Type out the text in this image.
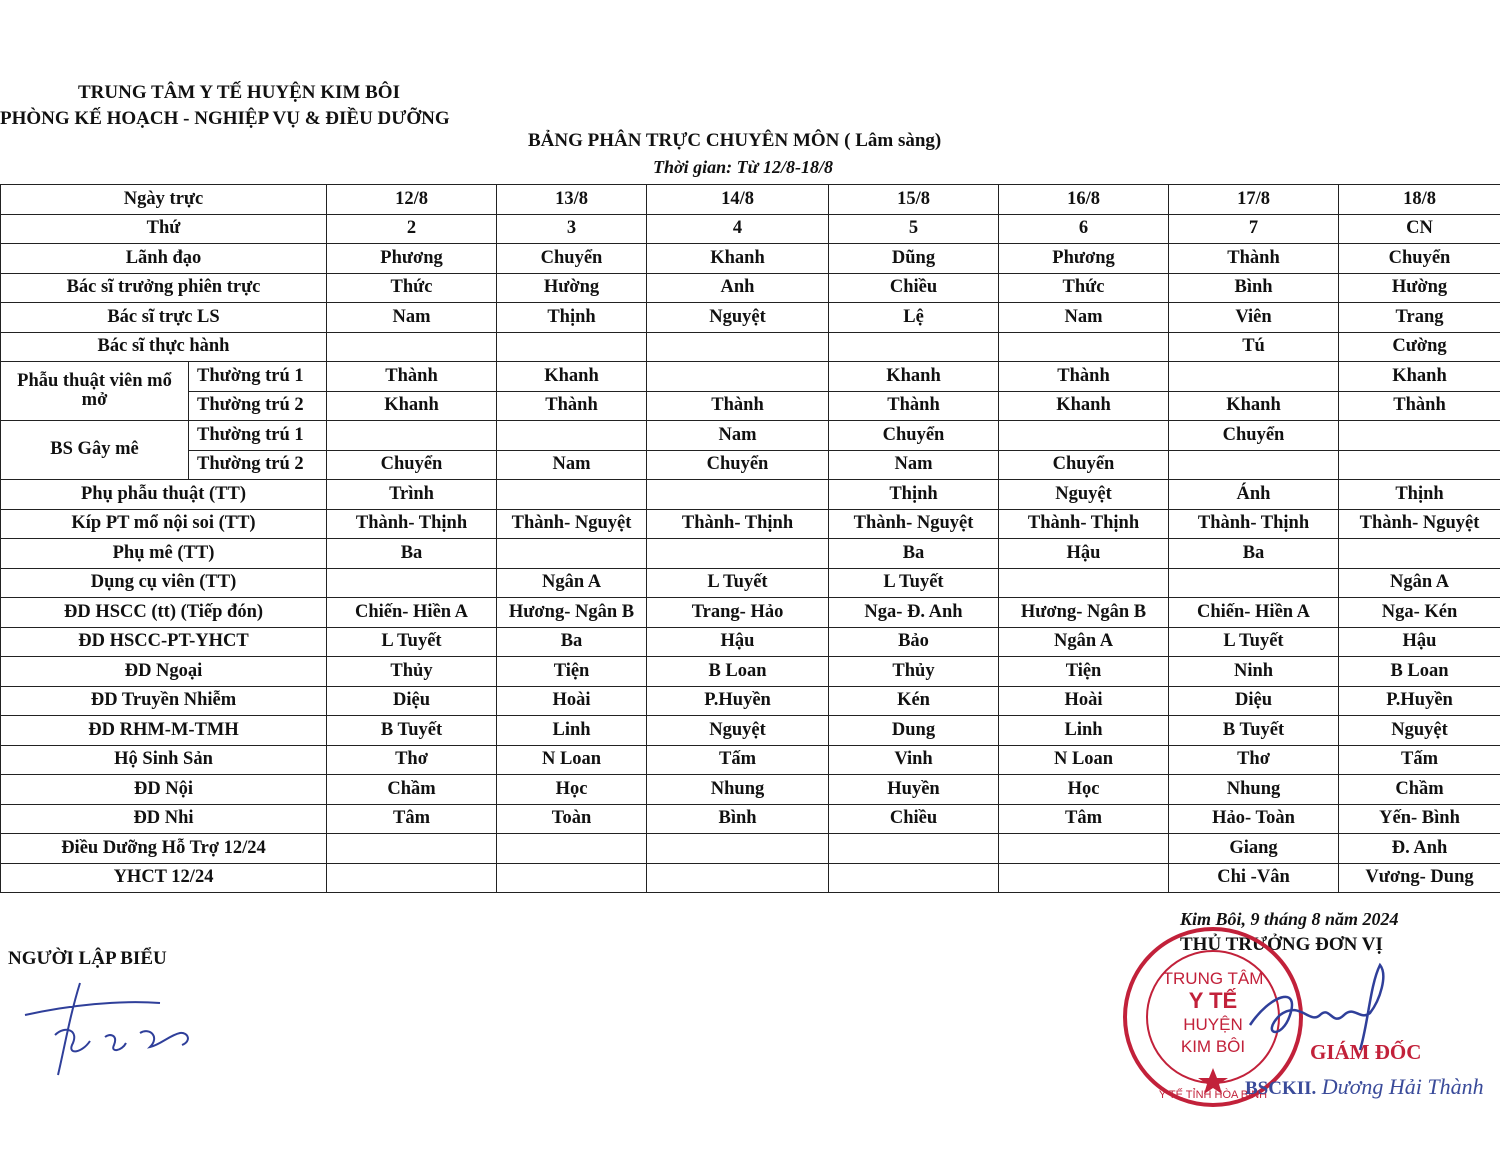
TRUNG TÂM Y TẾ HUYỆN KIM BÔI
PHÒNG KẾ HOẠCH - NGHIỆP VỤ & ĐIỀU DƯỠNG
BẢNG PHÂN TRỰC CHUYÊN MÔN ( Lâm sàng)
Thời gian: Từ 12/8-18/8
Ngày trực		12/8	13/8	14/8	15/8	16/8	17/8	18/8
Thứ		2	3	4	5	6	7	CN
Lãnh đạo		Phương	Chuyển	Khanh	Dũng	Phương	Thành	Chuyển
Bác sĩ trưởng phiên trực		Thức	Hường	Anh	Chiều	Thức	Bình	Hường
Bác sĩ trực LS		Nam	Thịnh	Nguyệt	Lệ	Nam	Viên	Trang
Bác sĩ thực hành							Tú	Cường
Phẫu thuật viên mổ mở	Thường trú 1	Thành	Khanh		Khanh	Thành		Khanh
	Thường trú 2	Khanh	Thành	Thành	Thành	Khanh	Khanh	Thành
BS Gây mê	Thường trú 1			Nam	Chuyển		Chuyển	
	Thường trú 2	Chuyển	Nam	Chuyển	Nam	Chuyển		
Phụ phẫu thuật (TT)		Trình			Thịnh	Nguyệt	Ánh	Thịnh
Kíp PT mổ nội soi (TT)		Thành- Thịnh	Thành- Nguyệt	Thành- Thịnh	Thành- Nguyệt	Thành- Thịnh	Thành- Thịnh	Thành- Nguyệt
Phụ mê (TT)		Ba			Ba	Hậu	Ba	
Dụng cụ viên (TT)			Ngân A	L Tuyết	L Tuyết			Ngân A
ĐD HSCC (tt) (Tiếp đón)		Chiến- Hiền A	Hương- Ngân B	Trang- Hảo	Nga- Đ. Anh	Hương- Ngân B	Chiến- Hiền A	Nga- Kén
ĐD HSCC-PT-YHCT		L Tuyết	Ba	Hậu	Bảo	Ngân A	L Tuyết	Hậu
ĐD Ngoại		Thủy	Tiện	B Loan	Thủy	Tiện	Ninh	B Loan
ĐD Truyền Nhiễm		Diệu	Hoài	P.Huyền	Kén	Hoài	Diệu	P.Huyền
ĐD RHM-M-TMH		B Tuyết	Linh	Nguyệt	Dung	Linh	B Tuyết	Nguyệt
Hộ Sinh Sản		Thơ	N Loan	Tấm	Vinh	N Loan	Thơ	Tấm
ĐD Nội		Chầm	Học	Nhung	Huyền	Học	Nhung	Chầm
ĐD Nhi		Tâm	Toàn	Bình	Chiều	Tâm	Hảo- Toàn	Yến- Bình
Điều Dưỡng Hỗ Trợ 12/24							Giang	Đ. Anh
YHCT 12/24							Chi -Vân	Vương- Dung
Kim Bôi, 9 tháng 8 năm 2024
THỦ TRƯỞNG ĐƠN VỊ
NGƯỜI LẬP BIỂU
TRUNG TÂM
Y TẾ
HUYỆN
KIM BÔI
Y TẾ TỈNH HÒA BÌNH
GIÁM ĐỐC
BSCKII. Dương Hải Thành
